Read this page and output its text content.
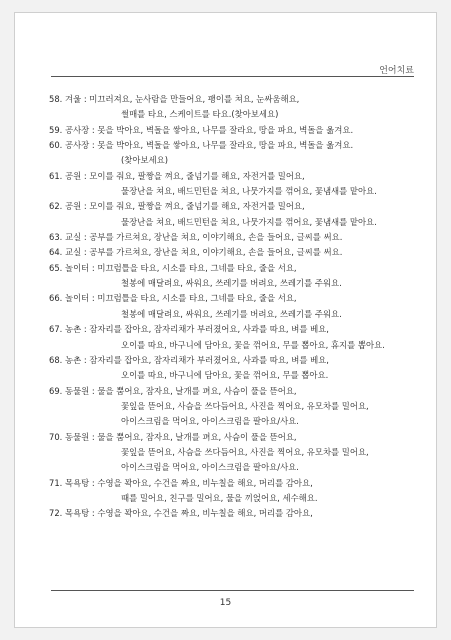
언어치료
58. 겨울 : 미끄러져요, 눈사람을 만들어요, 팽이를 쳐요, 눈싸움해요,
썰매를 타요, 스케이트를 타요.(찾아보세요)
59. 공사장 : 못을 박아요, 벽돌을 쌓아요, 나무를 잘라요, 땅을 파요, 벽돌을 옮겨요.
60. 공사장 : 못을 박아요, 벽돌을 쌓아요, 나무를 잘라요, 땅을 파요, 벽돌을 옮겨요.
(찾아보세요)
61. 공원 : 모이를 줘요, 팔짱을 껴요, 줄넘기를 해요, 자전거를 밀어요,
물장난을 쳐요, 배드민턴을 쳐요, 나뭇가지를 꺾어요, 꽃냄새를 맡아요.
62. 공원 : 모이를 줘요, 팔짱을 껴요, 줄넘기를 해요, 자전거를 밀어요,
물장난을 쳐요, 배드민턴을 쳐요, 나뭇가지를 꺾어요, 꽃냄새를 맡아요.
63. 교실 : 공부를 가르쳐요, 장난을 쳐요, 이야기해요, 손을 들어요, 글씨를 써요.
64. 교실 : 공부를 가르쳐요, 장난을 쳐요, 이야기해요, 손을 들어요, 글씨를 써요.
65. 놀이터 : 미끄럼틀을 타요, 시소를 타요, 그네를 타요, 줄을 서요,
철봉에 매달려요, 싸워요, 쓰레기를 버려요, 쓰레기를 주워요.
66. 놀이터 : 미끄럼틀을 타요, 시소를 타요, 그네를 타요, 줄을 서요,
철봉에 매달려요, 싸워요, 쓰레기를 버려요, 쓰레기를 주워요.
67. 농촌 : 잠자리를 잡아요, 잠자리채가 부러졌어요, 사과를 따요, 벼를 베요,
오이를 따요, 바구니에 담아요, 꽃을 꺾어요, 무를 뽑아요, 휴지를 뽑아요.
68. 농촌 : 잠자리를 잡아요, 잠자리채가 부러졌어요, 사과를 따요, 벼를 베요,
오이를 따요, 바구니에 담아요, 꽃을 꺾어요, 무를 뽑아요.
69. 동물원 : 물을 뿜어요, 잠자요, 날개를 펴요, 사슴이 풀을 뜯어요,
꽃잎을 뜯어요, 사슴을 쓰다듬어요, 사진을 찍어요, 유모차를 밀어요,
아이스크림을 먹어요, 아이스크림을 팔아요/사요.
70. 동물원 : 물을 뿜어요, 잠자요, 날개를 펴요, 사슴이 풀을 뜯어요,
꽃잎을 뜯어요, 사슴을 쓰다듬어요, 사진을 찍어요, 유모차를 밀어요,
아이스크림을 먹어요, 아이스크림을 팔아요/사요.
71. 목욕탕 : 수영을 꽉아요, 수건을 짜요, 비누칠을 해요, 머리를 감아요,
때를 밀어요, 친구를 밀어요, 물을 끼얹어요, 세수해요.
72. 목욕탕 : 수영을 꽉아요, 수건을 짜요, 비누칠을 해요, 머리를 감아요,
15
